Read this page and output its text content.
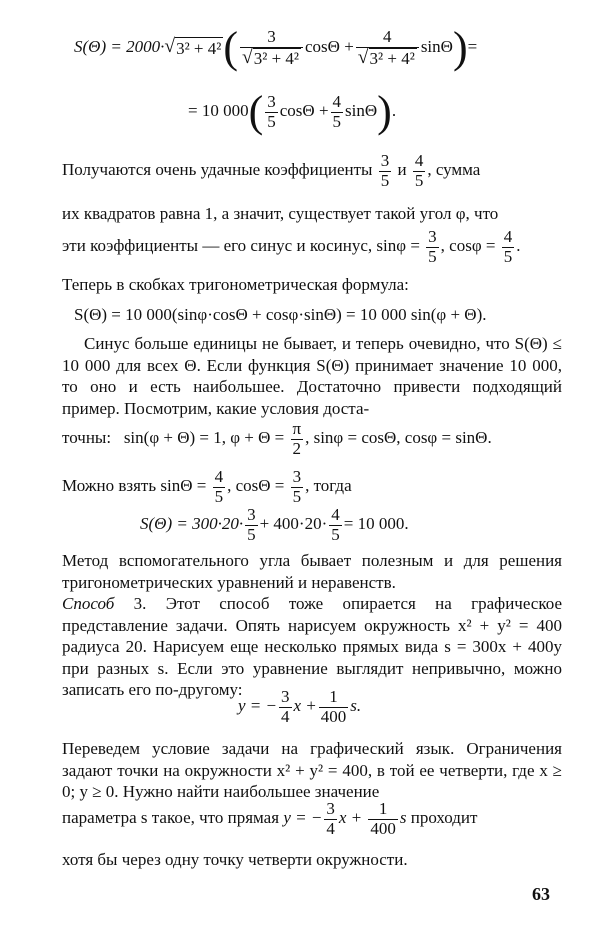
S(Θ) = 2000· √ 3² + 4² ( $\frac{3}{\text{√ 3² + 4²}}$ $\cos\Theta + \frac{4}{\text{√ 3² + 4²}} \sin\Theta)=$
= 10 $000( \frac{3}{5}$ $\cos\Theta + \frac{4}{5} \sin\Theta$).
Получаются очень удачные коэффициенты $\frac{3}{5}$ и $\frac{4}{5}$ , сумма
их квадратов равна 1, а значит, существует такой угол φ, что
эти коэффициенты — его синус и косинус, $\sin\varphi = \frac{3}{5}$ , $\cos\varphi = \frac{4}{5}$ .
Теперь в скобках тригонометрическая формула:
S(Θ) = 10 000(sinφ·cosΘ + cosφ·sinΘ) = 10 000 sin(φ + Θ).
Синус больше единицы не бывает, и теперь очевидно, что S(Θ) ≤ 10 000 для всех Θ. Если функция S(Θ) принимает значение 10 000, то оно и есть наибольшее. Достаточно привести подходящий пример. Посмотрим, какие условия доста-
точны: sin(φ + Θ) = 1, $\varphi + \Theta = \frac{\pi}{2}$ , sinφ = cosΘ, cosφ = sinΘ.
Можно взять $\sin\Theta = \frac{4}{5}$ , $\cos\Theta = \frac{3}{5}$ , тогда
$S(\Theta) = 300\cdot 20\cdot \frac{3}{5} + 400\cdot 20\cdot \frac{4}{5} = 10$ 000.
Метод вспомогательного угла бывает полезным и для решения тригонометрических уравнений и неравенств.
Способ 3. Этот способ тоже опирается на графическое представление задачи. Опять нарисуем окружность x² + y² = 400 радиуса 20. Нарисуем еще несколько прямых вида s = 300x + 400y при разных s. Если это уравнение выглядит непривычно, можно записать его по-другому:
y = − $\frac{3}{4}$ $x + \frac{1}{400} s$.
Переведем условие задачи на графический язык. Ограничения задают точки на окружности x² + y² = 400, в той ее четверти, где x ≥ 0; y ≥ 0. Нужно найти наибольшее значение
параметра s такое, что прямая y = − $\frac{3}{4}$ $x + \frac{1}{400}$ s проходит
хотя бы через одну точку четверти окружности.
63
